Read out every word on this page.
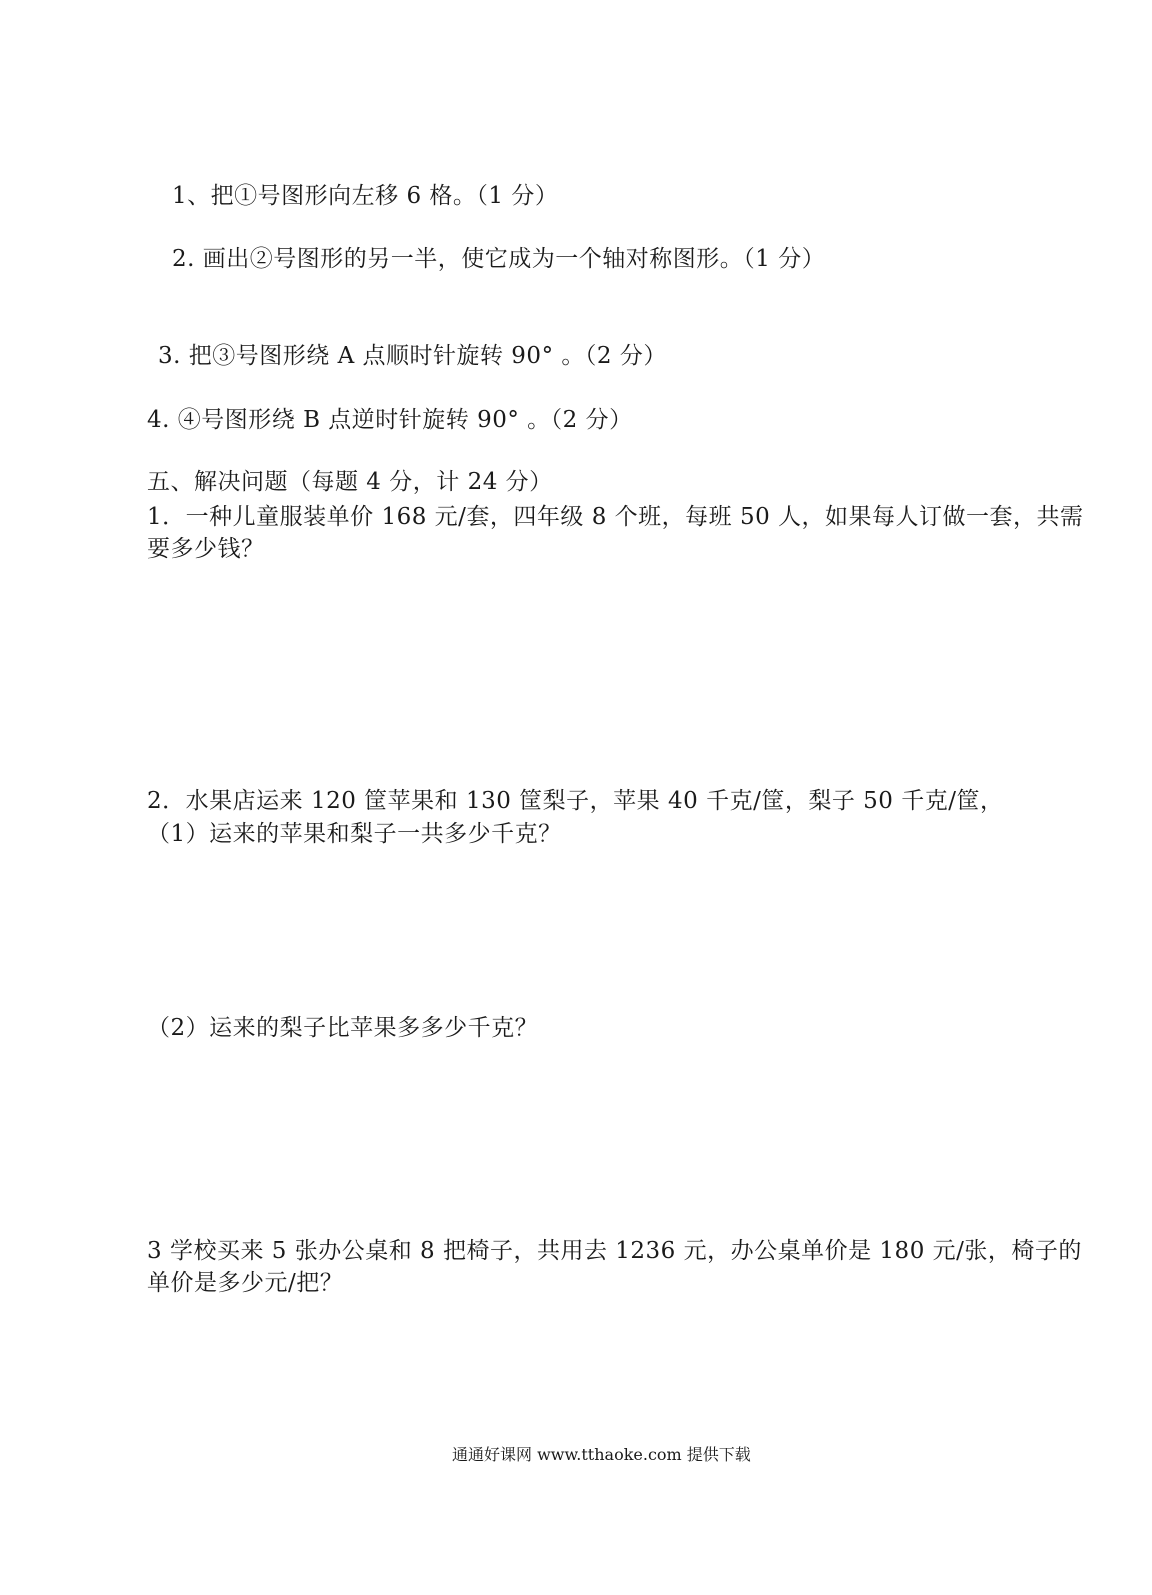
1、把①号图形向左移 6 格。（1 分）
2. 画出②号图形的另一半，使它成为一个轴对称图形。（1 分）
3. 把③号图形绕 A 点顺时针旋转 90° 。（2 分）
4. ④号图形绕 B 点逆时针旋转 90° 。（2 分）
五、解决问题（每题 4 分，计 24 分）
1．一种儿童服装单价 168 元/套，四年级 8 个班，每班 50 人，如果每人订做一套，共需
要多少钱？
2．水果店运来 120 筐苹果和 130 筐梨子，苹果 40 千克/筐，梨子 50 千克/筐，
（1）运来的苹果和梨子一共多少千克？
（2）运来的梨子比苹果多多少千克？
3 学校买来 5 张办公桌和 8 把椅子，共用去 1236 元，办公桌单价是 180 元/张，椅子的
单价是多少元/把？
通通好课网 www.tthaoke.com 提供下载
